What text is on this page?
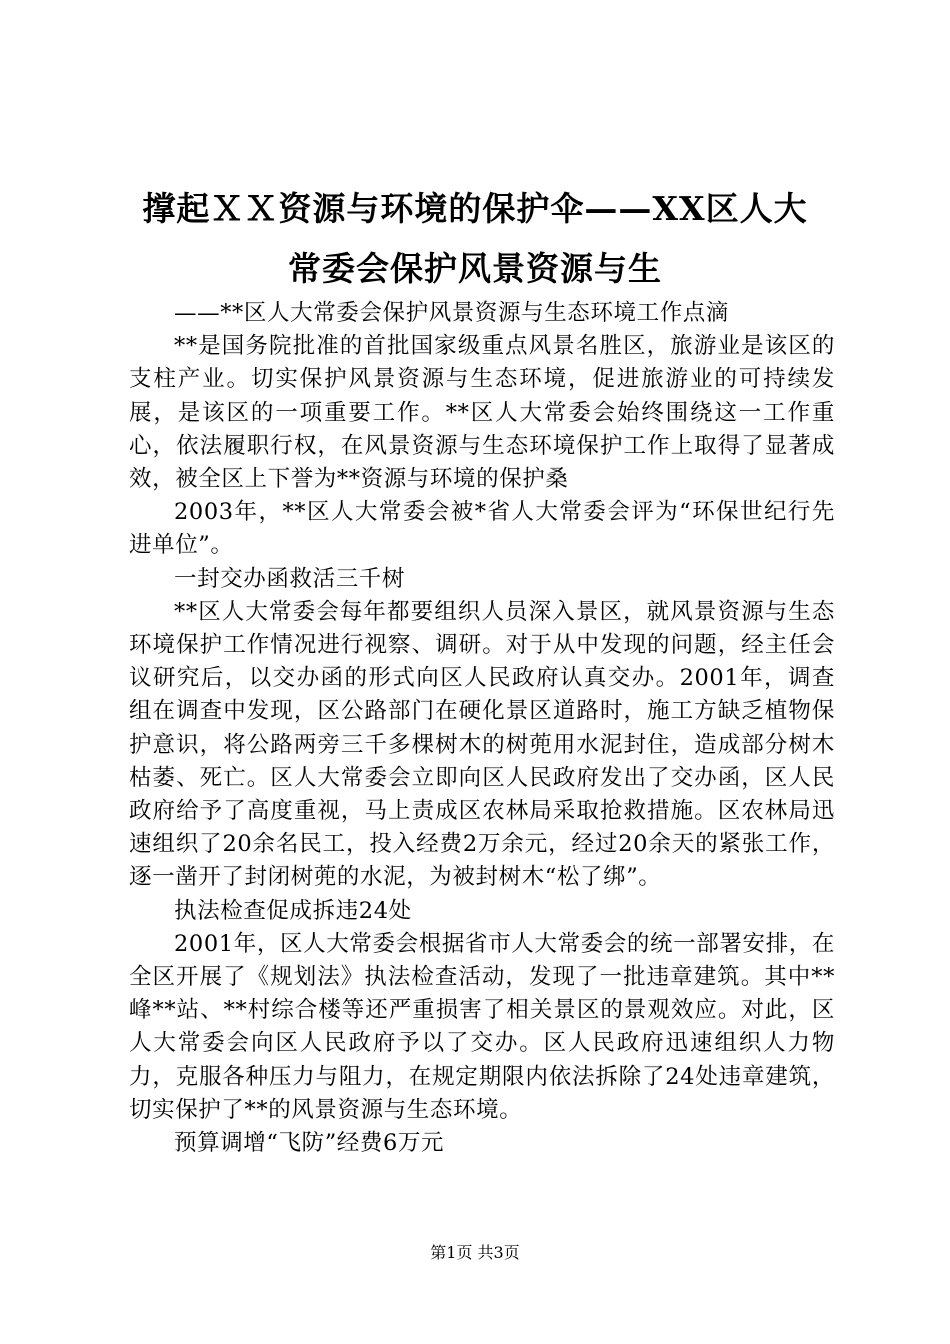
撑起ＸＸ资源与环境的保护伞——XX区人大
常委会保护风景资源与生

——**区人大常委会保护风景资源与生态环境工作点滴

**是国务院批准的首批国家级重点风景名胜区，旅游业是该区的支柱产业。切实保护风景资源与生态环境，促进旅游业的可持续发展，是该区的一项重要工作。**区人大常委会始终围绕这一工作重心，依法履职行权，在风景资源与生态环境保护工作上取得了显著成效，被全区上下誉为**资源与环境的保护桑

2003年，**区人大常委会被*省人大常委会评为“环保世纪行先进单位”。

一封交办函救活三千树

**区人大常委会每年都要组织人员深入景区，就风景资源与生态环境保护工作情况进行视察、调研。对于从中发现的问题，经主任会议研究后，以交办函的形式向区人民政府认真交办。2001年，调查组在调查中发现，区公路部门在硬化景区道路时，施工方缺乏植物保护意识，将公路两旁三千多棵树木的树蔸用水泥封住，造成部分树木枯萎、死亡。区人大常委会立即向区人民政府发出了交办函，区人民政府给予了高度重视，马上责成区农林局采取抢救措施。区农林局迅速组织了20余名民工，投入经费2万余元，经过20余天的紧张工作，逐一凿开了封闭树蔸的水泥，为被封树木“松了绑”。

执法检查促成拆违24处

2001年，区人大常委会根据省市人大常委会的统一部署安排，在全区开展了《规划法》执法检查活动，发现了一批违章建筑。其中**峰**站、**村综合楼等还严重损害了相关景区的景观效应。对此，区人大常委会向区人民政府予以了交办。区人民政府迅速组织人力物力，克服各种压力与阻力，在规定期限内依法拆除了24处违章建筑，切实保护了**的风景资源与生态环境。

预算调增“飞防”经费6万元

第1页 共3页
